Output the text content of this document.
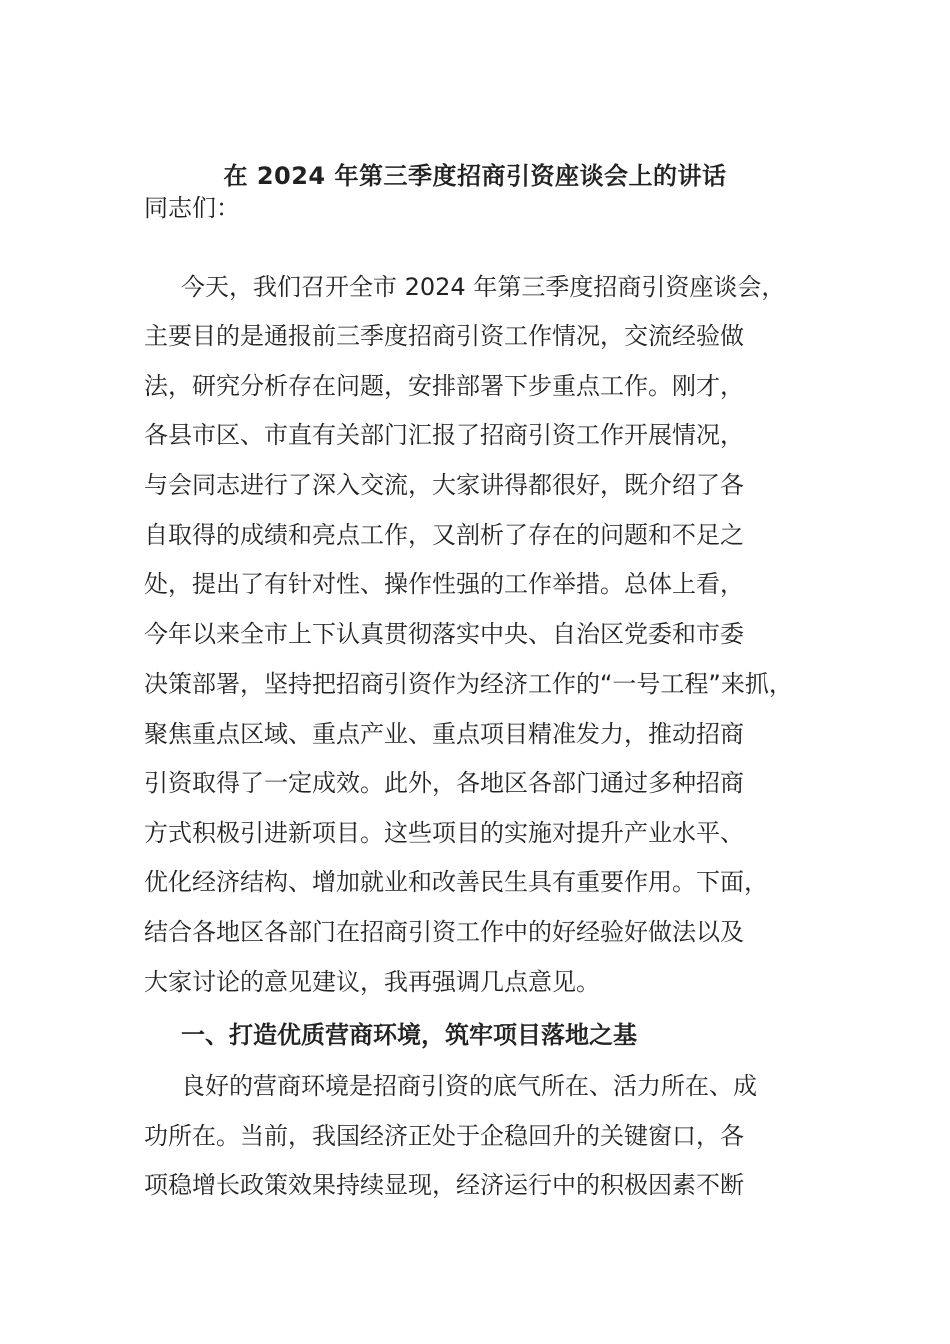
在 2024 年第三季度招商引资座谈会上的讲话
同志们：
今天，我们召开全市 2024 年第三季度招商引资座谈会，
主要目的是通报前三季度招商引资工作情况，交流经验做
法，研究分析存在问题，安排部署下步重点工作。刚才，
各县市区、市直有关部门汇报了招商引资工作开展情况，
与会同志进行了深入交流，大家讲得都很好，既介绍了各
自取得的成绩和亮点工作，又剖析了存在的问题和不足之
处，提出了有针对性、操作性强的工作举措。总体上看，
今年以来全市上下认真贯彻落实中央、自治区党委和市委
决策部署，坚持把招商引资作为经济工作的“一号工程”来抓，
聚焦重点区域、重点产业、重点项目精准发力，推动招商
引资取得了一定成效。此外，各地区各部门通过多种招商
方式积极引进新项目。这些项目的实施对提升产业水平、
优化经济结构、增加就业和改善民生具有重要作用。下面，
结合各地区各部门在招商引资工作中的好经验好做法以及
大家讨论的意见建议，我再强调几点意见。
一、打造优质营商环境，筑牢项目落地之基
良好的营商环境是招商引资的底气所在、活力所在、成
功所在。当前，我国经济正处于企稳回升的关键窗口，各
项稳增长政策效果持续显现，经济运行中的积极因素不断
